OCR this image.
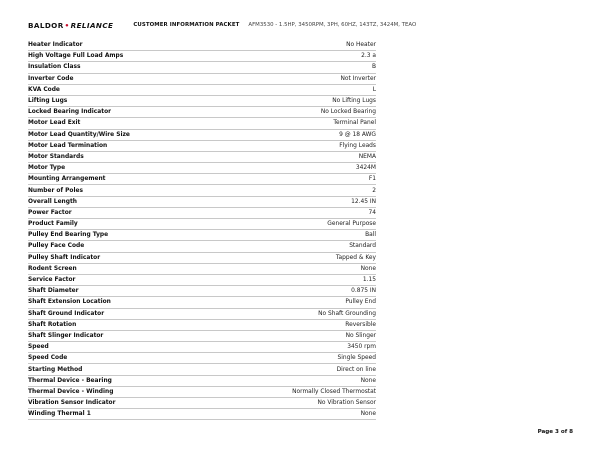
BALDOR•RELIANCE	CUSTOMER INFORMATION PACKET AFM3530 - 1.5HP, 3450RPM, 3PH, 60HZ, 143TZ, 3424M, TEAO
Heater Indicator	No Heater
High Voltage Full Load Amps	2.3 a
Insulation Class	B
Inverter Code	Not Inverter
KVA Code	L
Lifting Lugs	No Lifting Lugs
Locked Bearing Indicator	No Locked Bearing
Motor Lead Exit	Terminal Panel
Motor Lead Quantity/Wire Size	9 @ 18 AWG
Motor Lead Termination	Flying Leads
Motor Standards	NEMA
Motor Type	3424M
Mounting Arrangement	F1
Number of Poles	2
Overall Length	12.45 IN
Power Factor	74
Product Family	General Purpose
Pulley End Bearing Type	Ball
Pulley Face Code	Standard
Pulley Shaft Indicator	Tapped & Key
Rodent Screen	None
Service Factor	1.15
Shaft Diameter	0.875 IN
Shaft Extension Location	Pulley End
Shaft Ground Indicator	No Shaft Grounding
Shaft Rotation	Reversible
Shaft Slinger Indicator	No Slinger
Speed	3450 rpm
Speed Code	Single Speed
Starting Method	Direct on line
Thermal Device - Bearing	None
Thermal Device - Winding	Normally Closed Thermostat
Vibration Sensor Indicator	No Vibration Sensor
Winding Thermal 1	None
Page 3 of 8
